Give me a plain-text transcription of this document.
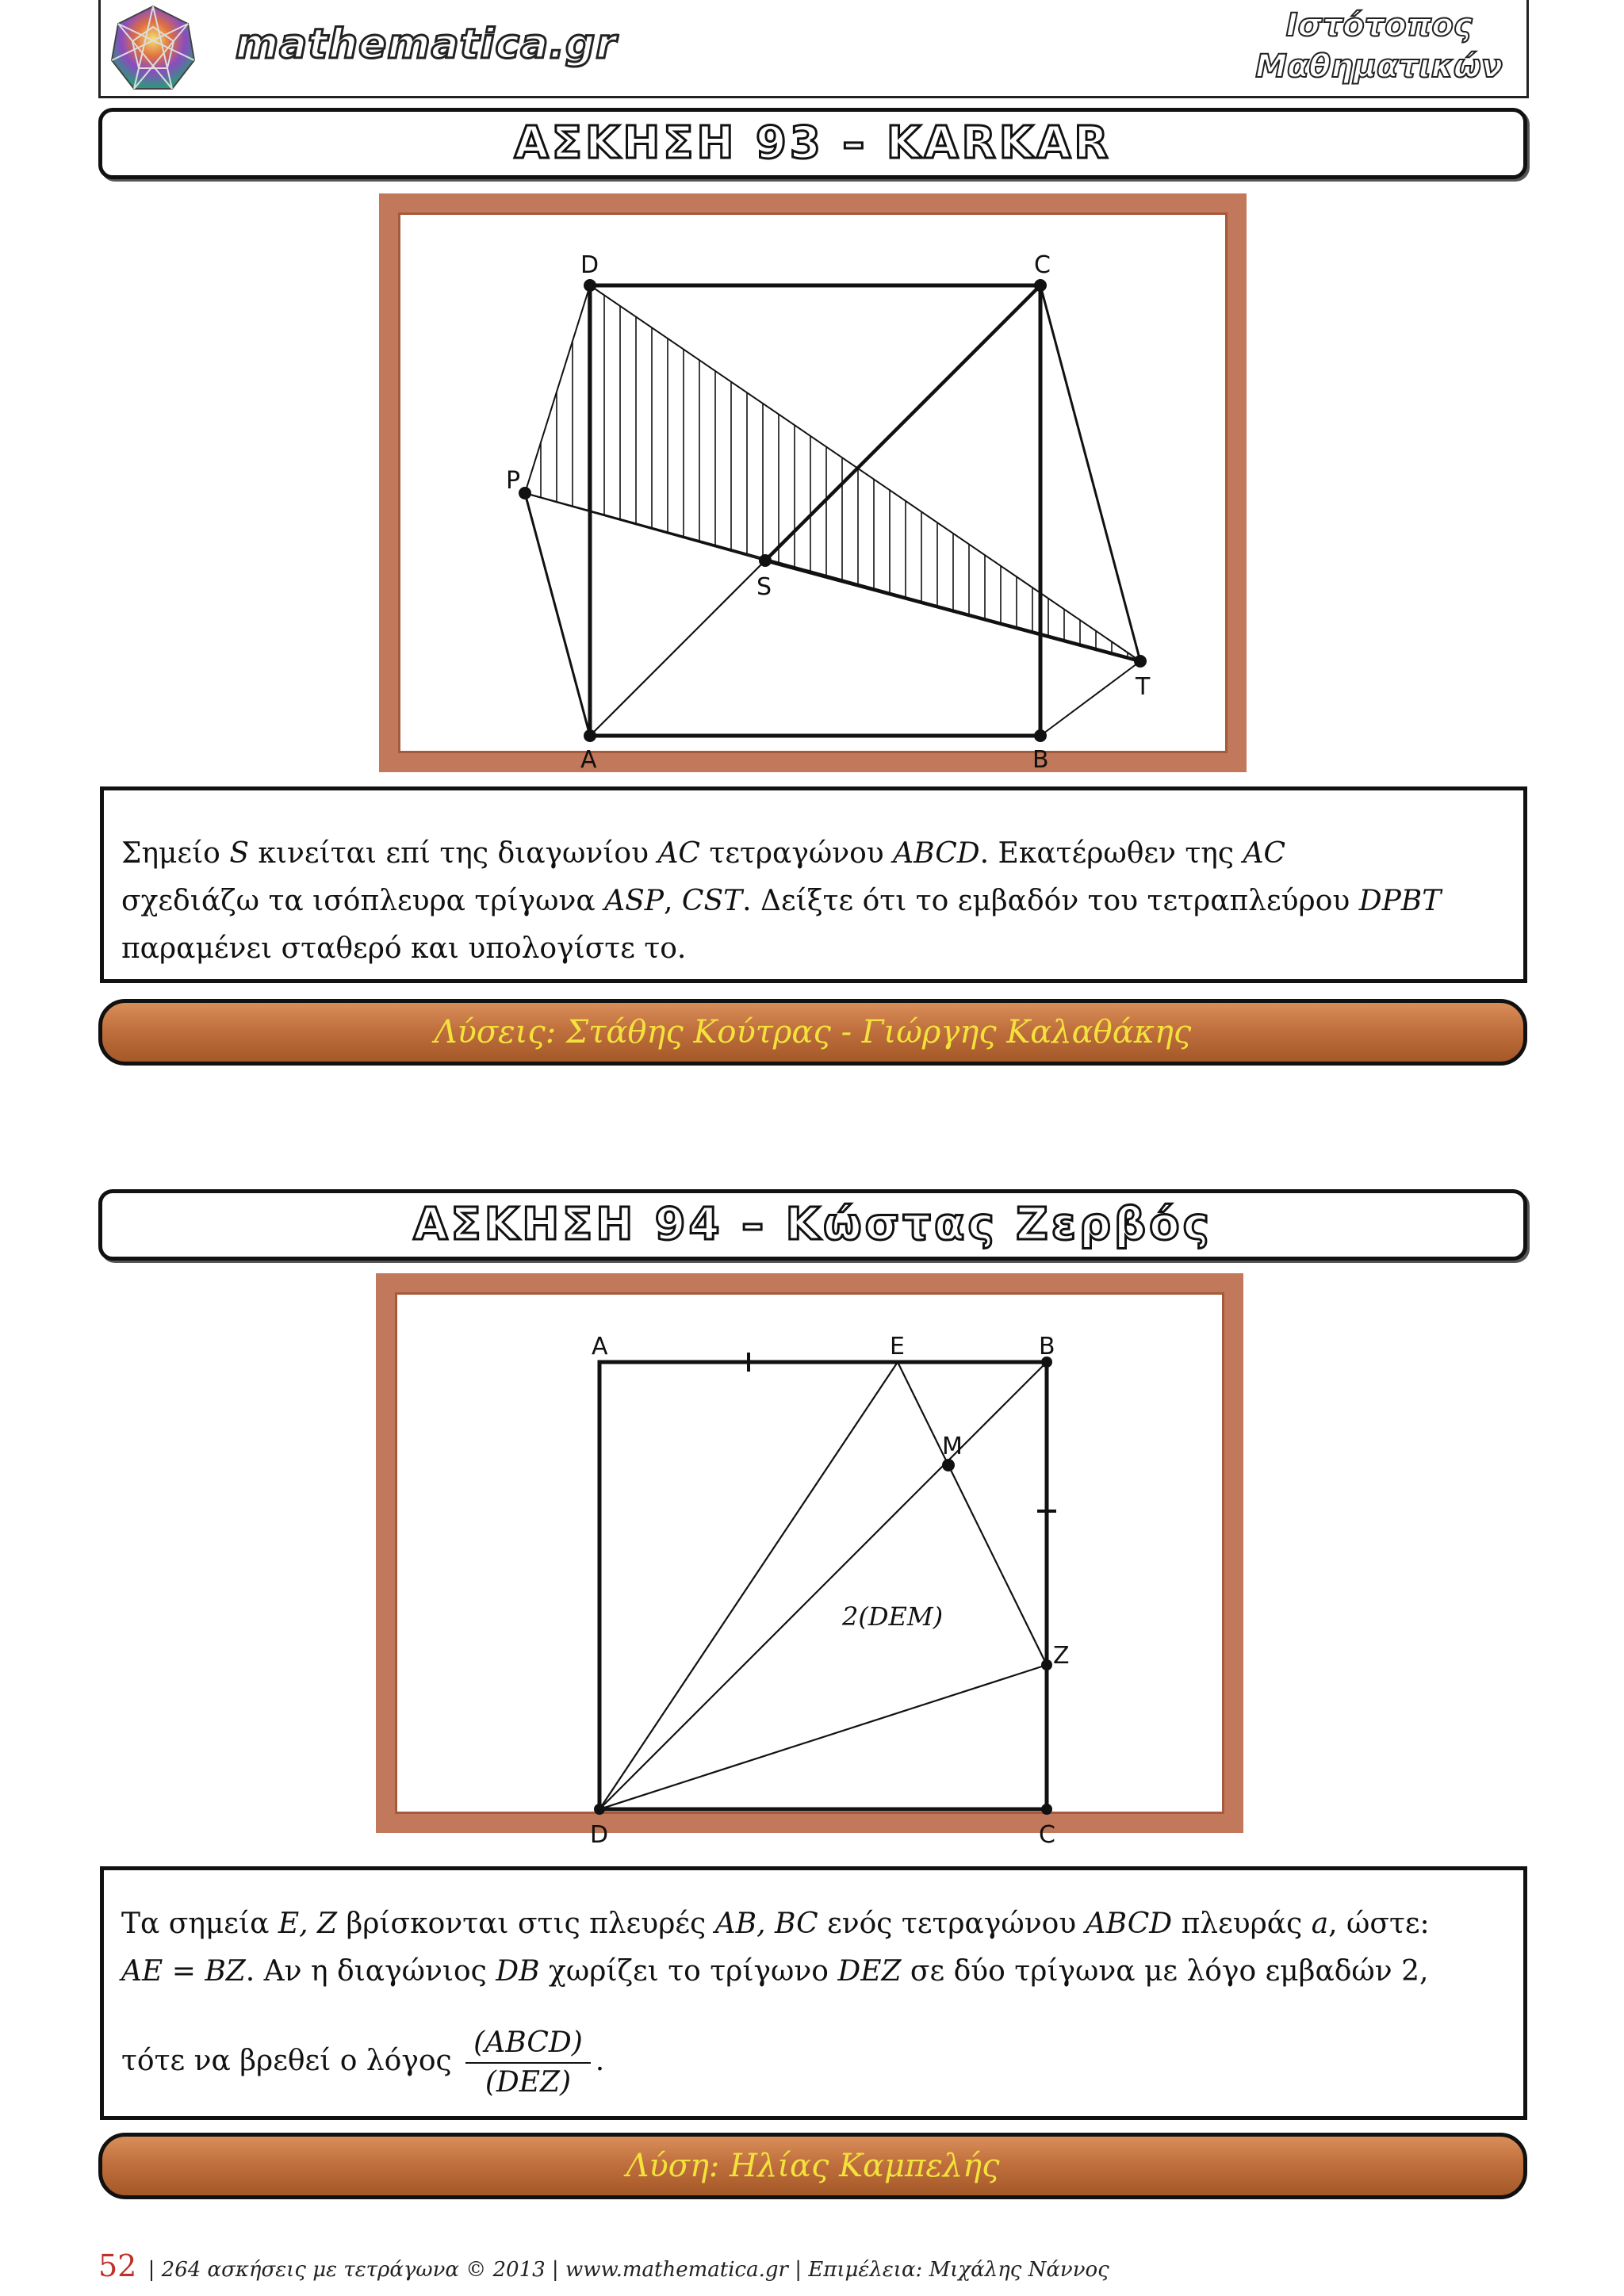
mathematica.gr	Ιστότοπος
Μαθηματικών
ΑΣΚΗΣΗ 93 – KARKAR
D	C
P
S
T
A	B
Σημείο S κινείται επί της διαγωνίου AC τετραγώνου ABCD. Εκατέρωθεν της AC
σχεδιάζω τα ισόπλευρα τρίγωνα ASP, CST. Δείξτε ότι το εμβαδόν του τετραπλεύρου DPBT
παραμένει σταθερό και υπολογίστε το.
Λύσεις: Στάθης Κούτρας - Γιώργης Καλαθάκης
ΑΣΚΗΣΗ 94 – Κώστας Ζερβός
A	E	B
M
Z
D	C
2(DEM)
Τα σημεία E, Z βρίσκονται στις πλευρές AB, BC ενός τετραγώνου ABCD πλευράς a, ώστε:
AE = BZ. Αν η διαγώνιος DB χωρίζει το τρίγωνο DEZ σε δύο τρίγωνα με λόγο εμβαδών 2,
τότε να βρεθεί ο λόγος $\frac{\text{(ABCD)}}{\text{(DEZ)}}$ .
Λύση: Ηλίας Καμπελής
52 | 264 ασκήσεις με τετράγωνα © 2013 | www.mathematica.gr | Επιμέλεια: Μιχάλης Νάννος
